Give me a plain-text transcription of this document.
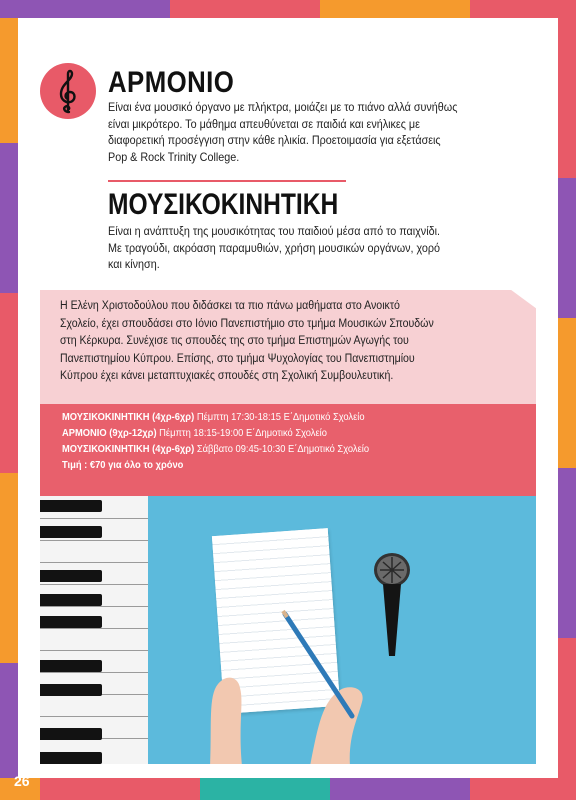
26
ΑΡΜΟΝΙΟ

Είναι ένα μουσικό όργανο με πλήκτρα, μοιάζει με το πιάνο αλλά συνήθως

είναι μικρότερο. Το μάθημα απευθύνεται σε παιδιά και ενήλικες με

διαφορετική προσέγγιση στην κάθε ηλικία. Προετοιμασία για εξετάσεις

Pop & Rock Trinity College.

ΜΟΥΣΙΚΟΚΙΝΗΤΙΚΗ

Είναι η ανάπτυξη της μουσικότητας του παιδιού μέσα από το παιχνίδι.

Με τραγούδι, ακρόαση παραμυθιών, χρήση μουσικών οργάνων, χορό

και κίνηση.

Η Ελένη Χριστοδούλου που διδάσκει τα πιο πάνω μαθήματα στο Ανοικτό

Σχολείο, έχει σπουδάσει στο Ιόνιο Πανεπιστήμιο στο τμήμα Μουσικών Σπουδών

στη Κέρκυρα. Συνέχισε τις σπουδές της στο τμήμα Επιστημών Αγωγής του

Πανεπιστημίου Κύπρου. Επίσης, στο τμήμα Ψυχολογίας του Πανεπιστημίου

Κύπρου έχει κάνει μεταπτυχιακές σπουδές στη Σχολική Συμβουλευτική.

ΜΟΥΣΙΚΟΚΙΝΗΤΙΚΗ (4χρ-6χρ) Πέμπτη 17:30-18:15 Ε΄Δημοτικό Σχολείο

ΑΡΜΟΝΙΟ (9χρ-12χρ) Πέμπτη 18:15-19:00 Ε΄Δημοτικό Σχολείο

ΜΟΥΣΙΚΟΚΙΝΗΤΙΚΗ (4χρ-6χρ) Σάββατο 09:45-10:30 Ε΄Δημοτικό Σχολείο

Τιμή : €70 για όλο το χρόνο
